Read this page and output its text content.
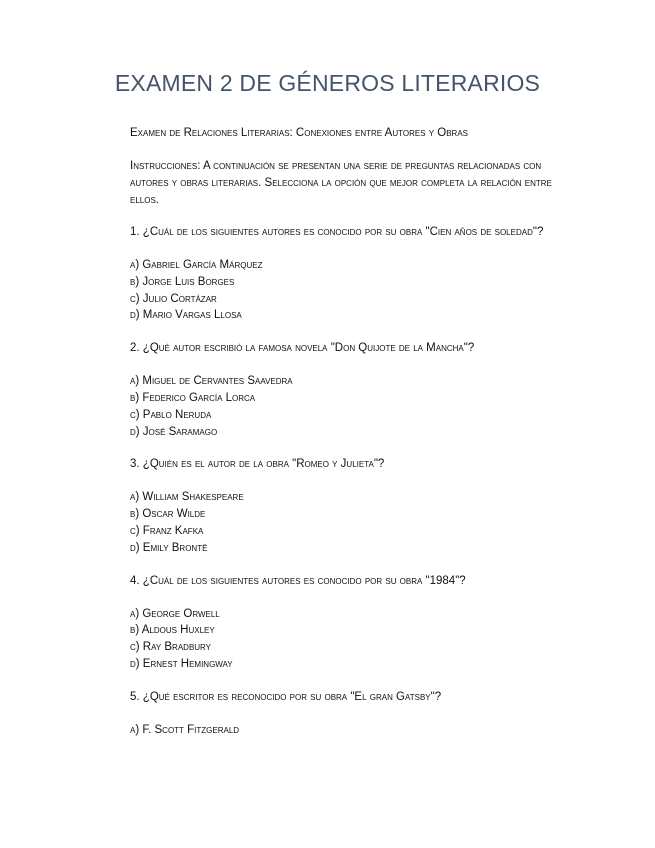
EXAMEN 2 DE GÉNEROS LITERARIOS

Examen de Relaciones Literarias: Conexiones entre Autores y Obras

Instrucciones: A continuación se presentan una serie de preguntas relacionadas con autores y obras literarias. Selecciona la opción que mejor completa la relación entre ellos.

1. ¿Cuál de los siguientes autores es conocido por su obra "Cien años de soledad"?

a) Gabriel García Márquez
b) Jorge Luis Borges
c) Julio Cortázar
d) Mario Vargas Llosa

2. ¿Qué autor escribió la famosa novela "Don Quijote de la Mancha"?

a) Miguel de Cervantes Saavedra
b) Federico García Lorca
c) Pablo Neruda
d) José Saramago

3. ¿Quién es el autor de la obra "Romeo y Julieta"?

a) William Shakespeare
b) Oscar Wilde
c) Franz Kafka
d) Emily Brontë

4. ¿Cuál de los siguientes autores es conocido por su obra "1984"?

a) George Orwell
b) Aldous Huxley
c) Ray Bradbury
d) Ernest Hemingway

5. ¿Qué escritor es reconocido por su obra "El gran Gatsby"?

a) F. Scott Fitzgerald
